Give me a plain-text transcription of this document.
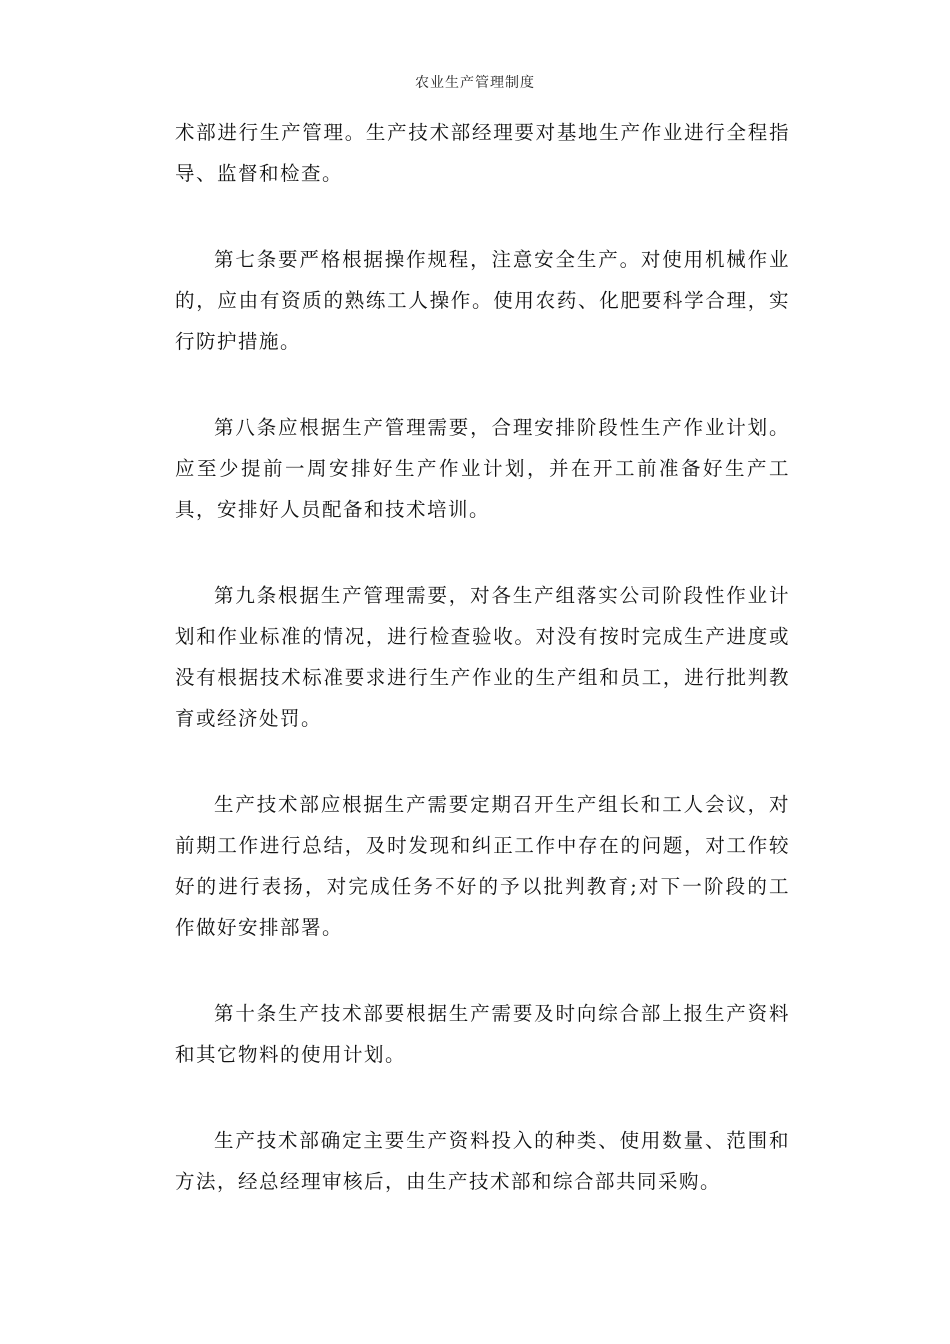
农业生产管理制度

术部进行生产管理。生产技术部经理要对基地生产作业进行全程指导、监督和检查。

第七条要严格根据操作规程，注意安全生产。对使用机械作业的，应由有资质的熟练工人操作。使用农药、化肥要科学合理，实行防护措施。

第八条应根据生产管理需要，合理安排阶段性生产作业计划。应至少提前一周安排好生产作业计划，并在开工前准备好生产工具，安排好人员配备和技术培训。

第九条根据生产管理需要，对各生产组落实公司阶段性作业计划和作业标准的情况，进行检查验收。对没有按时完成生产进度或没有根据技术标准要求进行生产作业的生产组和员工，进行批判教育或经济处罚。

生产技术部应根据生产需要定期召开生产组长和工人会议，对前期工作进行总结，及时发现和纠正工作中存在的问题，对工作较好的进行表扬，对完成任务不好的予以批判教育;对下一阶段的工作做好安排部署。

第十条生产技术部要根据生产需要及时向综合部上报生产资料和其它物料的使用计划。

生产技术部确定主要生产资料投入的种类、使用数量、范围和方法，经总经理审核后，由生产技术部和综合部共同采购。
